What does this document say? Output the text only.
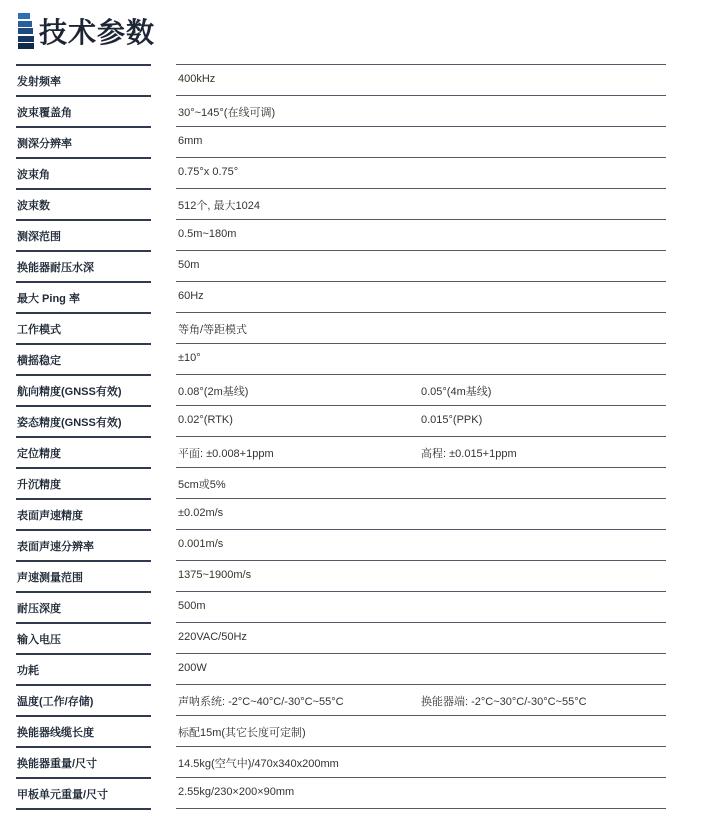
技术参数
发射频率	400kHz
波束覆盖角	30°~145°(在线可调)
测深分辨率	6mm
波束角	0.75°x 0.75°
波束数	512个, 最大1024
测深范围	0.5m~180m
换能器耐压水深	50m
最大 Ping 率	60Hz
工作模式	等角/等距模式
横摇稳定	±10°
航向精度(GNSS有效)	0.08°(2m基线)	0.05°(4m基线)
姿态精度(GNSS有效)	0.02°(RTK)	0.015°(PPK)
定位精度	平面: ±0.008+1ppm	高程: ±0.015+1ppm
升沉精度	5cm或5%
表面声速精度	±0.02m/s
表面声速分辨率	0.001m/s
声速测量范围	1375~1900m/s
耐压深度	500m
输入电压	220VAC/50Hz
功耗	200W
温度(工作/存储)	声呐系统: -2°C~40°C/-30°C~55°C	换能器端: -2°C~30°C/-30°C~55°C
换能器线缆长度	标配15m(其它长度可定制)
换能器重量/尺寸	14.5kg(空气中)/470x340x200mm
甲板单元重量/尺寸	2.55kg/230×200×90mm
